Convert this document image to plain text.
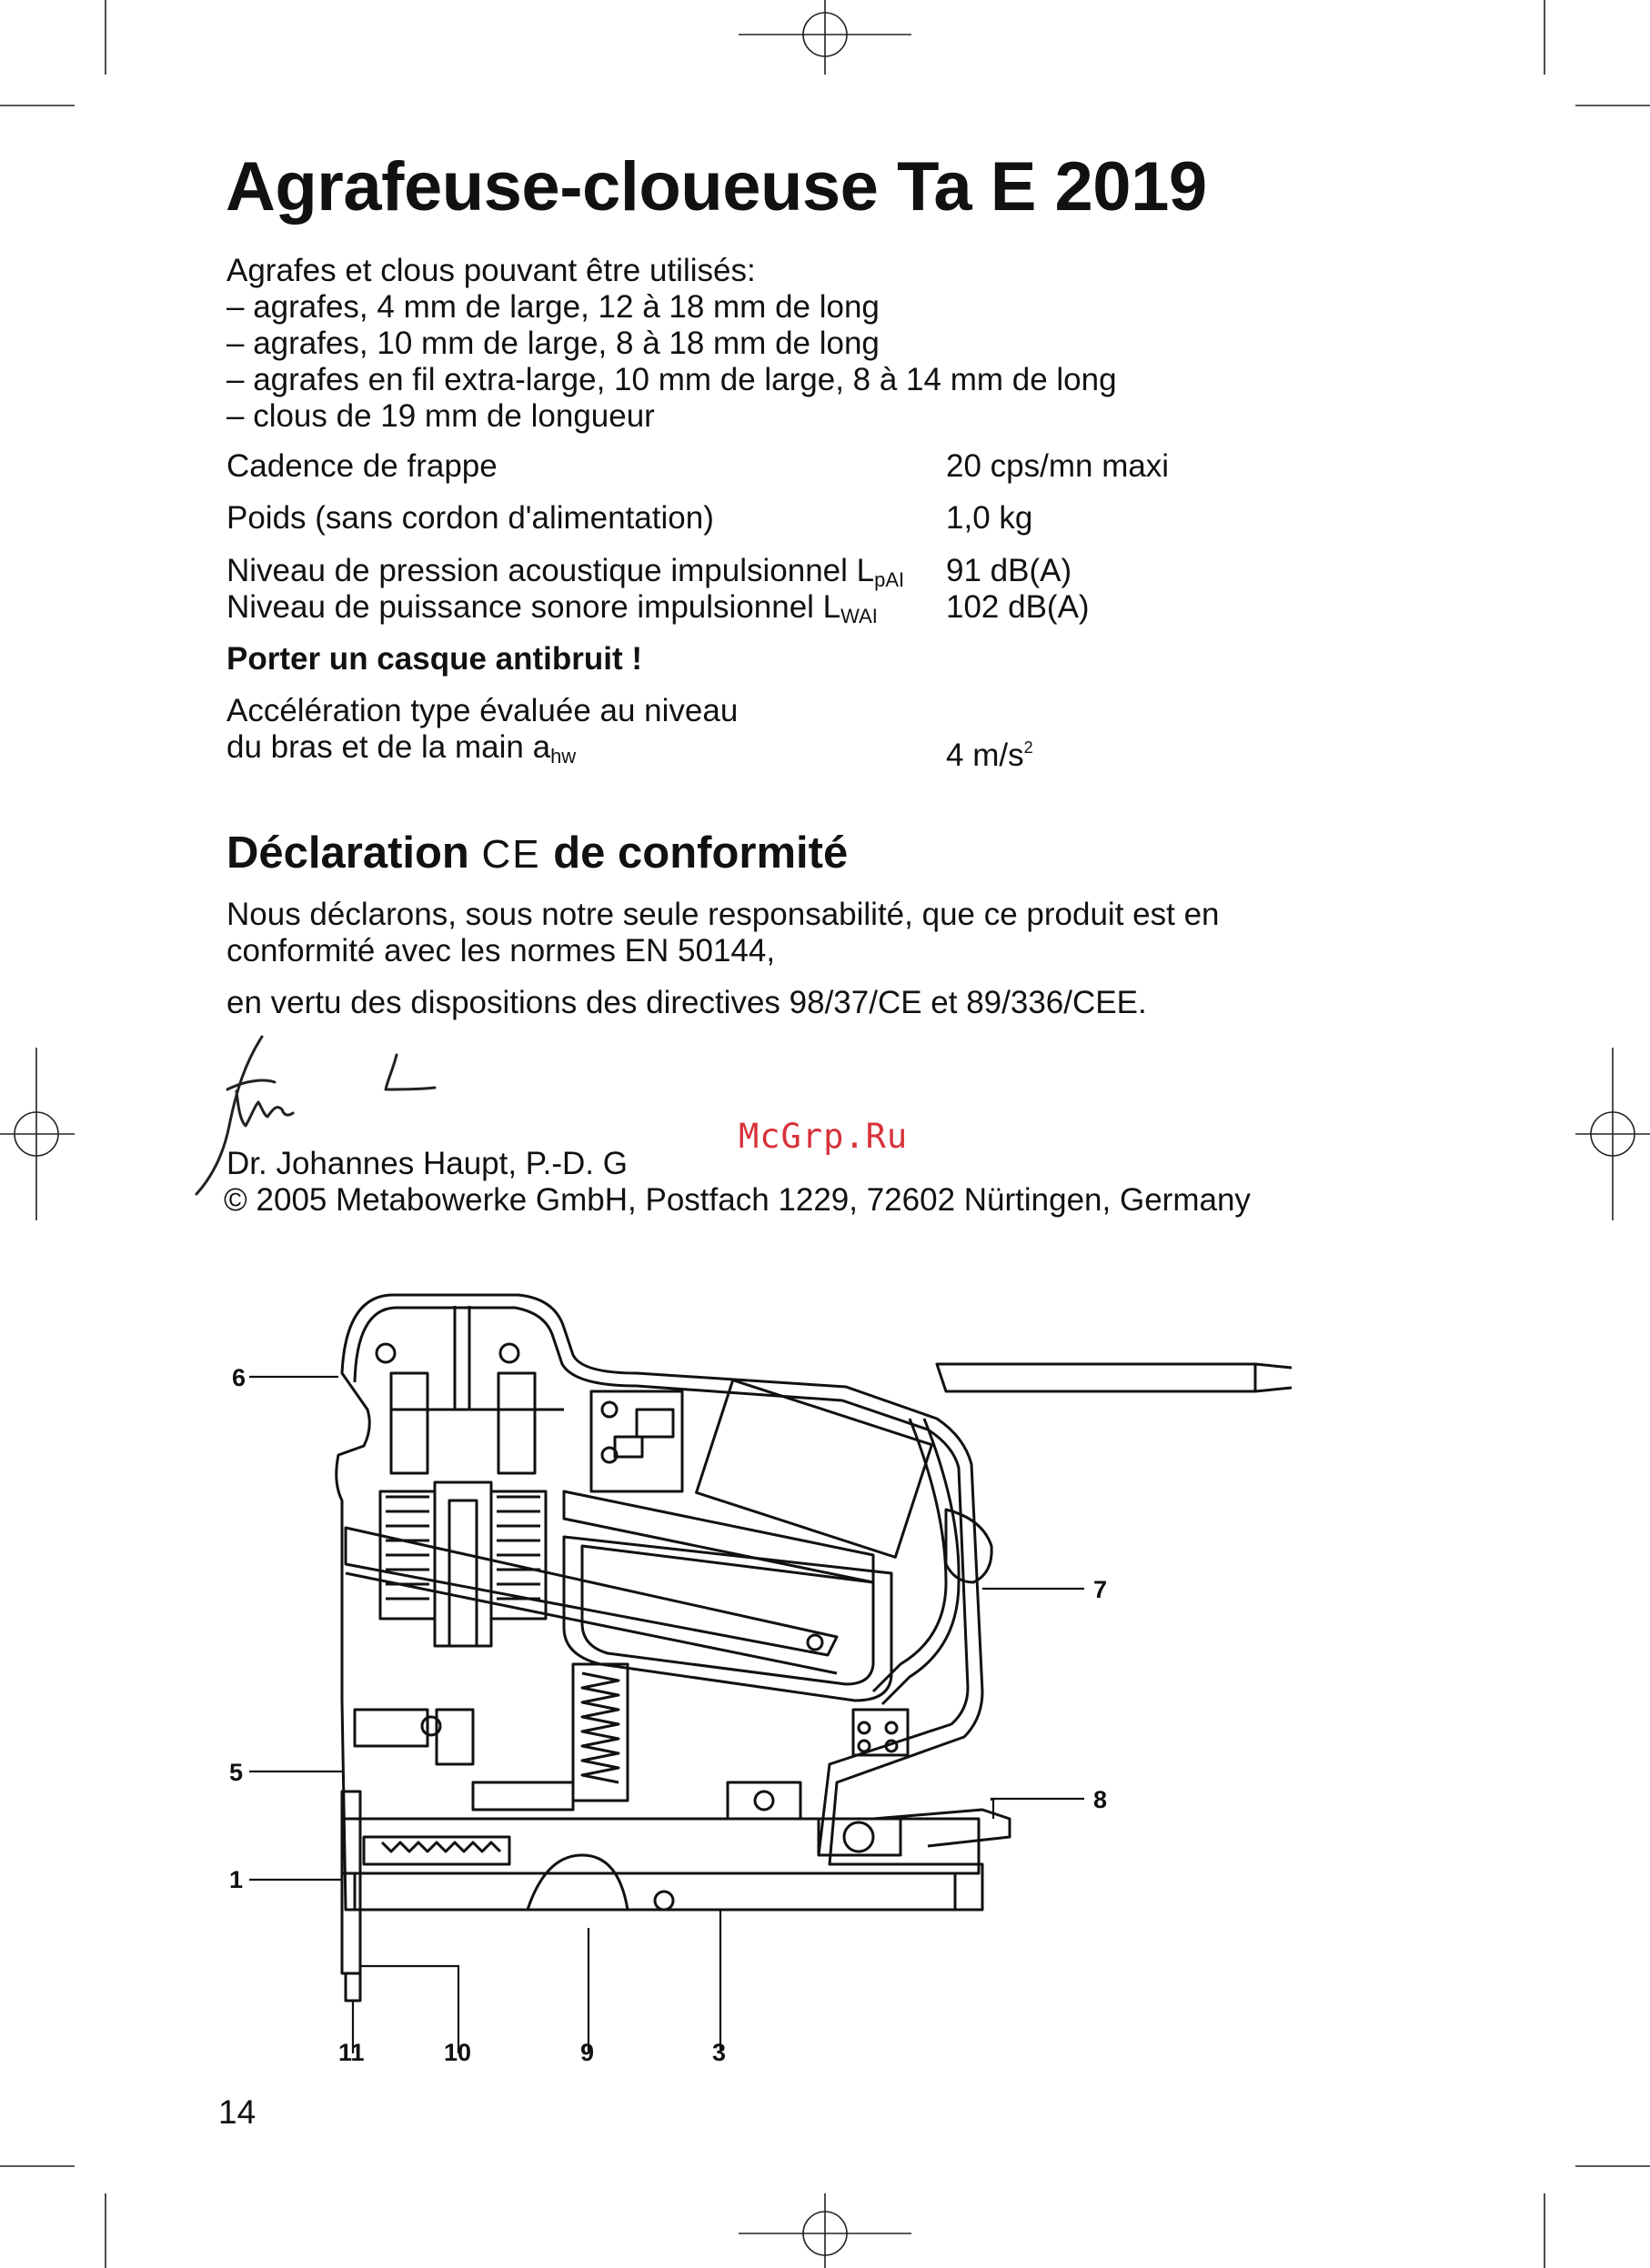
Agrafeuse-cloueuse Ta E 2019
Agrafes et clous pouvant être utilisés:
– agrafes, 4 mm de large, 12 à 18 mm de long
– agrafes, 10 mm de large, 8 à 18 mm de long
– agrafes en fil extra-large, 10 mm de large, 8 à 14 mm de long
– clous de 19 mm de longueur
Cadence de frappe	20 cps/mn maxi
Poids (sans cordon d'alimentation)	1,0 kg
Niveau de pression acoustique impulsionnel $L_{pAI}$ 91 dB(A)
Niveau de puissance sonore impulsionnel $L_{WAI}$ 102 dB(A)
Porter un casque antibruit !
Accélération type évaluée au niveau
du bras et de la main $a_{hw}$	4 $m/s^2$
Déclaration CE de conformité
Nous déclarons, sous notre seule responsabilité, que ce produit est en
conformité avec les normes EN 50144,
en vertu des dispositions des directives 98/37/CE et 89/336/CEE.
McGrp.Ru
Dr. Johannes Haupt, P.-D. G
© 2005 Metabowerke GmbH, Postfach 1229, 72602 Nürtingen, Germany
6
7
5
8
1
11	10	9	3
14
